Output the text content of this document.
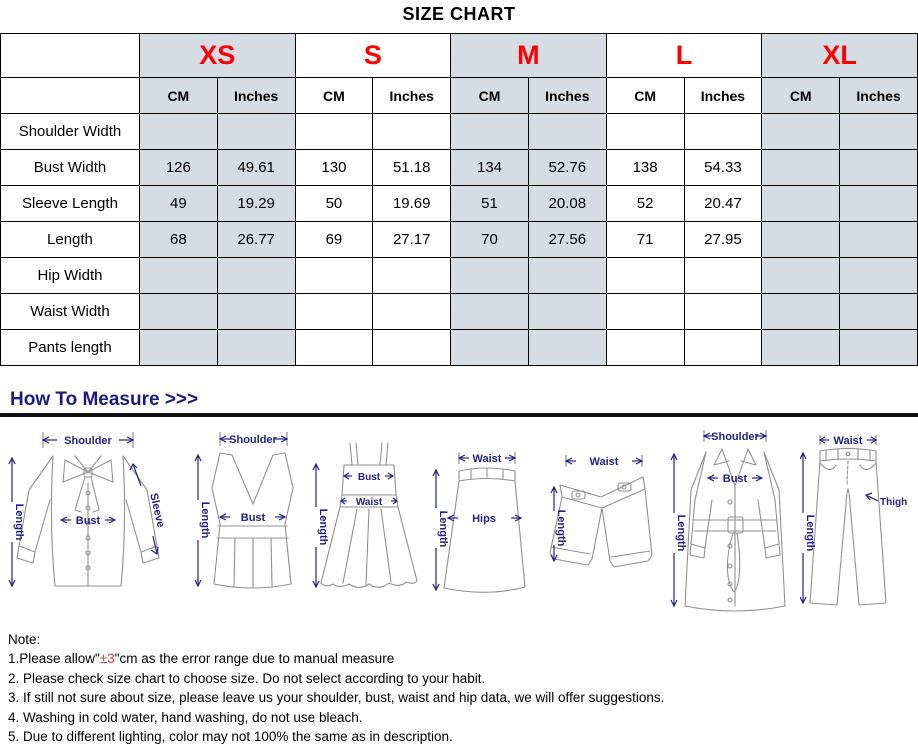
SIZE CHART
	XS		S		M		L		XL	
	CM	Inches	CM	Inches	CM	Inches	CM	Inches	CM	Inches
Shoulder Width										
Bust Width	126	49.61	130	51.18	134	52.76	138	54.33		
Sleeve Length	49	19.29	50	19.69	51	20.08	52	20.47		
Length	68	26.77	69	27.17	70	27.56	71	27.95		
Hip Width										
Waist Width										
Pants length										
How To Measure >>>
Shoulder
Length	Bust	Sleeve
Shoulder
Bust
Length
Bust
Waist
Length
Waist
Hips
Length
Waist
Length
Shoulder
Bust
Length
Waist
Thigh
Length
Note:
1.Please allow"±3"cm as the error range due to manual measure
2. Please check size chart to choose size. Do not select according to your habit.
3. If still not sure about size, please leave us your shoulder, bust, waist and hip data, we will offer suggestions.
4. Washing in cold water, hand washing, do not use bleach.
5. Due to different lighting, color may not 100% the same as in description.
